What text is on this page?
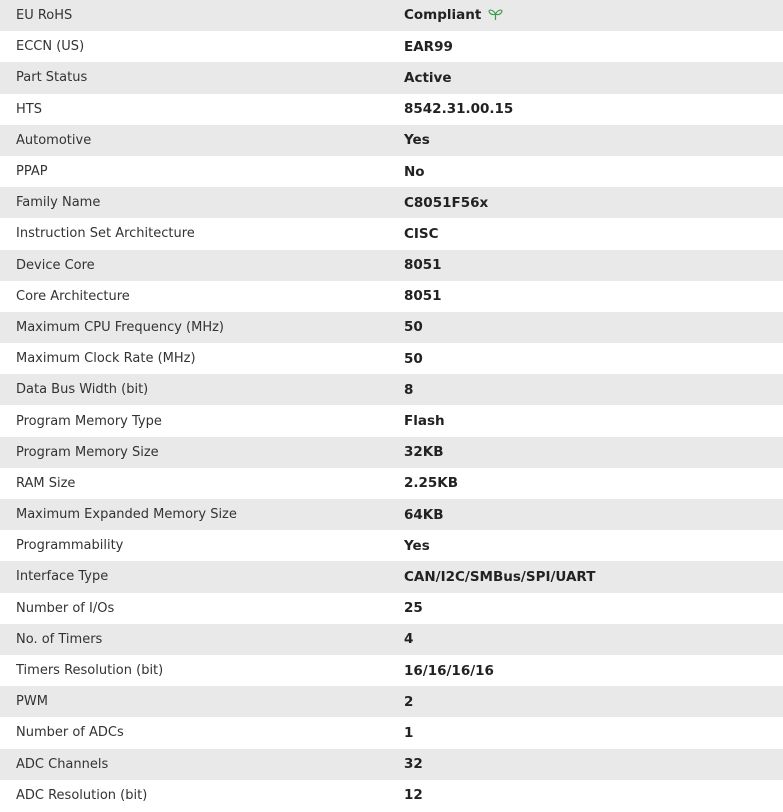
EU RoHS	Compliant
ECCN (US)	EAR99
Part Status	Active
HTS	8542.31.00.15
Automotive	Yes
PPAP	No
Family Name	C8051F56x
Instruction Set Architecture	CISC
Device Core	8051
Core Architecture	8051
Maximum CPU Frequency (MHz)	50
Maximum Clock Rate (MHz)	50
Data Bus Width (bit)	8
Program Memory Type	Flash
Program Memory Size	32KB
RAM Size	2.25KB
Maximum Expanded Memory Size	64KB
Programmability	Yes
Interface Type	CAN/I2C/SMBus/SPI/UART
Number of I/Os	25
No. of Timers	4
Timers Resolution (bit)	16/16/16/16
PWM	2
Number of ADCs	1
ADC Channels	32
ADC Resolution (bit)	12
